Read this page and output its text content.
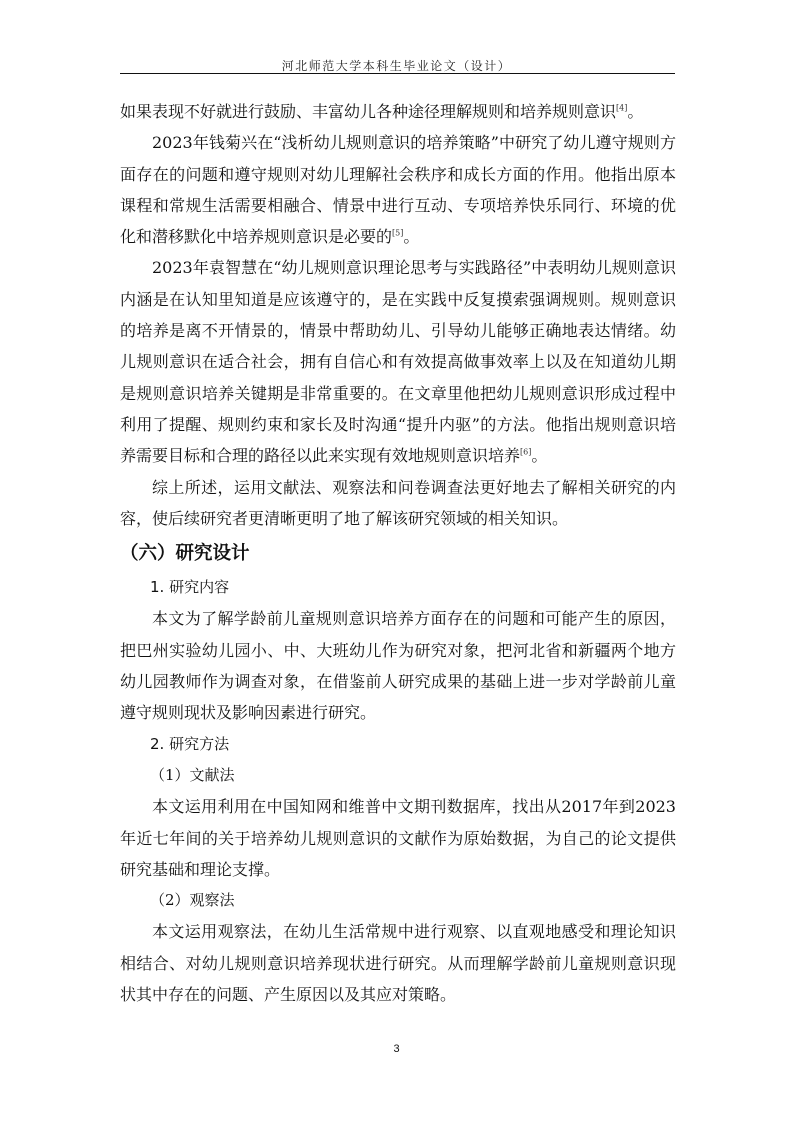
河北师范大学本科生毕业论文（设计）

如果表现不好就进行鼓励、丰富幼儿各种途径理解规则和培养规则意识[4]。

2023年钱菊兴在“浅析幼儿规则意识的培养策略”中研究了幼儿遵守规则方面存在的问题和遵守规则对幼儿理解社会秩序和成长方面的作用。他指出原本课程和常规生活需要相融合、情景中进行互动、专项培养快乐同行、环境的优化和潜移默化中培养规则意识是必要的[5]。

2023年袁智慧在“幼儿规则意识理论思考与实践路径”中表明幼儿规则意识内涵是在认知里知道是应该遵守的，是在实践中反复摸索强调规则。规则意识的培养是离不开情景的，情景中帮助幼儿、引导幼儿能够正确地表达情绪。幼儿规则意识在适合社会，拥有自信心和有效提高做事效率上以及在知道幼儿期是规则意识培养关键期是非常重要的。在文章里他把幼儿规则意识形成过程中利用了提醒、规则约束和家长及时沟通“提升内驱”的方法。他指出规则意识培养需要目标和合理的路径以此来实现有效地规则意识培养[6]。

综上所述，运用文献法、观察法和问卷调查法更好地去了解相关研究的内容，使后续研究者更清晰更明了地了解该研究领域的相关知识。

（六）研究设计
1. 研究内容

本文为了解学龄前儿童规则意识培养方面存在的问题和可能产生的原因，把巴州实验幼儿园小、中、大班幼儿作为研究对象，把河北省和新疆两个地方幼儿园教师作为调查对象，在借鉴前人研究成果的基础上进一步对学龄前儿童遵守规则现状及影响因素进行研究。

2. 研究方法
（1）文献法

本文运用利用在中国知网和维普中文期刊数据库，找出从2017年到2023年近七年间的关于培养幼儿规则意识的文献作为原始数据，为自己的论文提供研究基础和理论支撑。

（2）观察法

本文运用观察法，在幼儿生活常规中进行观察、以直观地感受和理论知识相结合、对幼儿规则意识培养现状进行研究。从而理解学龄前儿童规则意识现状其中存在的问题、产生原因以及其应对策略。

3
